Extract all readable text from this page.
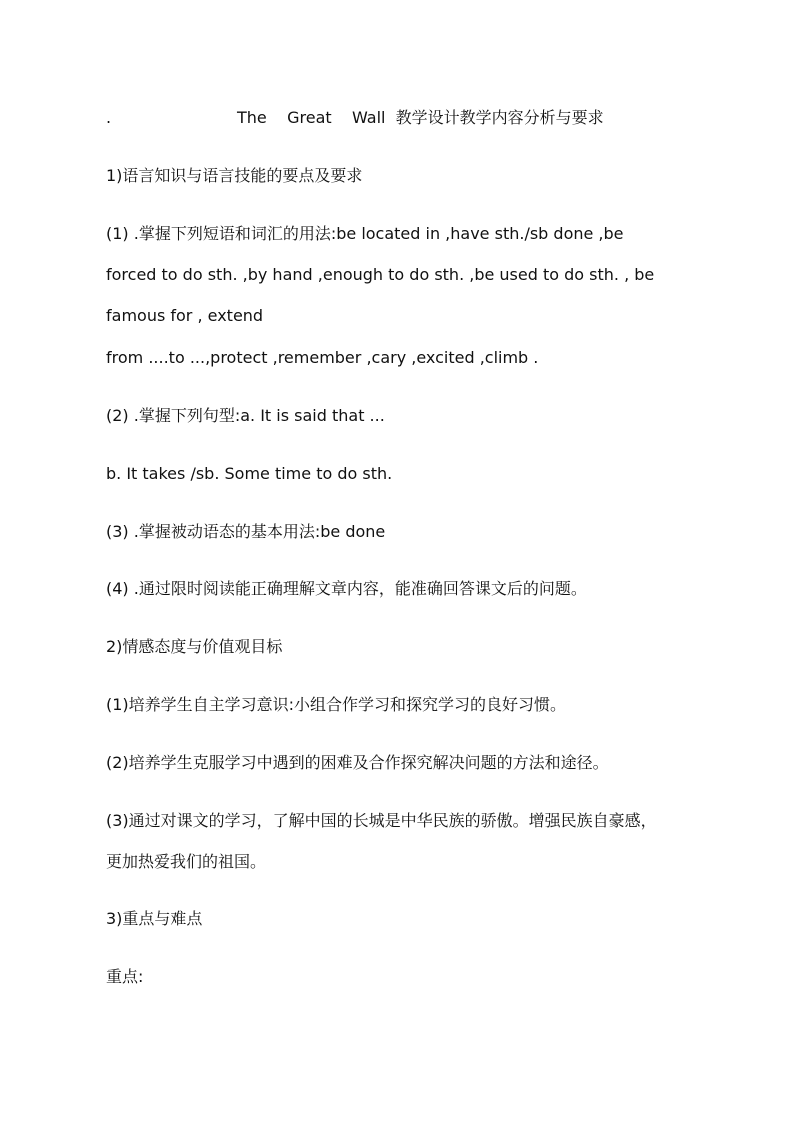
.	The    Great    Wall  教学设计教学内容分析与要求
1)语言知识与语言技能的要点及要求
(1) .掌握下列短语和词汇的用法:be located in ,have sth./sb done ,be
forced to do sth. ,by hand ,enough to do sth. ,be used to do sth. , be
famous for , extend
from ....to ...,protect ,remember ,cary ,excited ,climb .
(2) .掌握下列句型:a. It is said that ...
b. It takes /sb. Some time to do sth.
(3) .掌握被动语态的基本用法:be done
(4) .通过限时阅读能正确理解文章内容，能准确回答课文后的问题。
2)情感态度与价值观目标
(1)培养学生自主学习意识:小组合作学习和探究学习的良好习惯。
(2)培养学生克服学习中遇到的困难及合作探究解决问题的方法和途径。
(3)通过对课文的学习，了解中国的长城是中华民族的骄傲。增强民族自豪感，
更加热爱我们的祖国。
3)重点与难点
重点:
